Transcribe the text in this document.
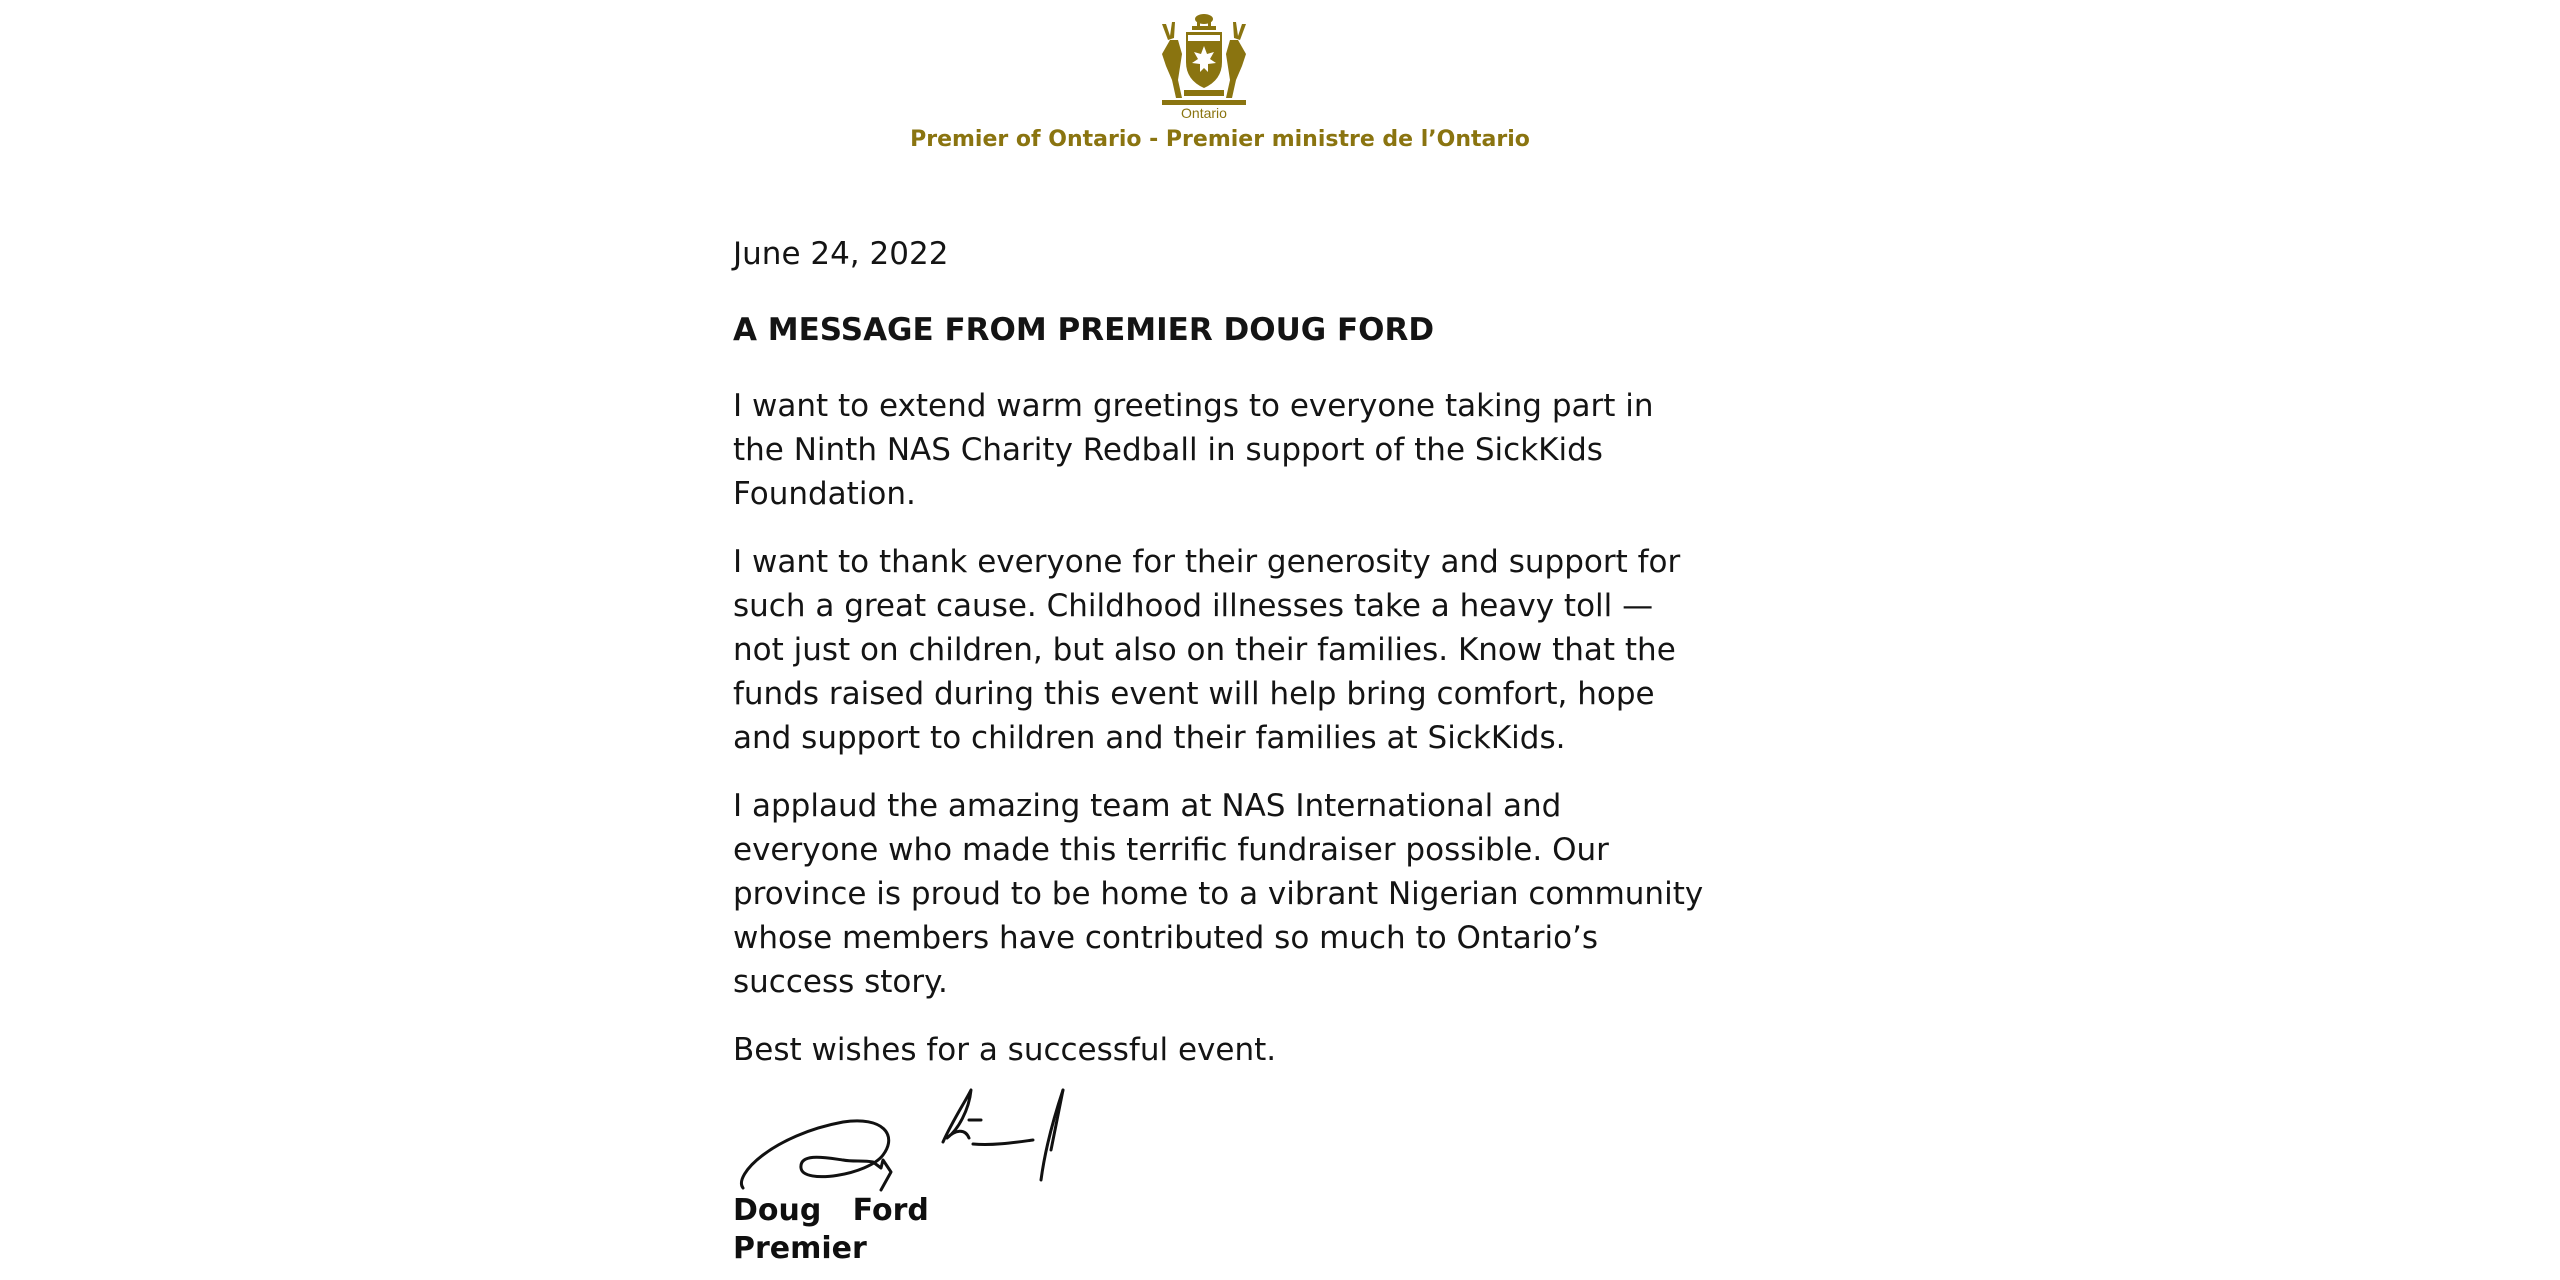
Ontario
Premier of Ontario - Premier ministre de l’Ontario
June 24, 2022
A MESSAGE FROM PREMIER DOUG FORD

I want to extend warm greetings to everyone taking part in the Ninth NAS Charity Redball in support of the SickKids Foundation.

I want to thank everyone for their generosity and support for such a great cause. Childhood illnesses take a heavy toll — not just on children, but also on their families. Know that the funds raised during this event will help bring comfort, hope and support to children and their families at SickKids.

I applaud the amazing team at NAS International and everyone who made this terrific fundraiser possible. Our province is proud to be home to a vibrant Nigerian community whose members have contributed so much to Ontario’s success story.

Best wishes for a successful event.

Doug   Ford
Premier
